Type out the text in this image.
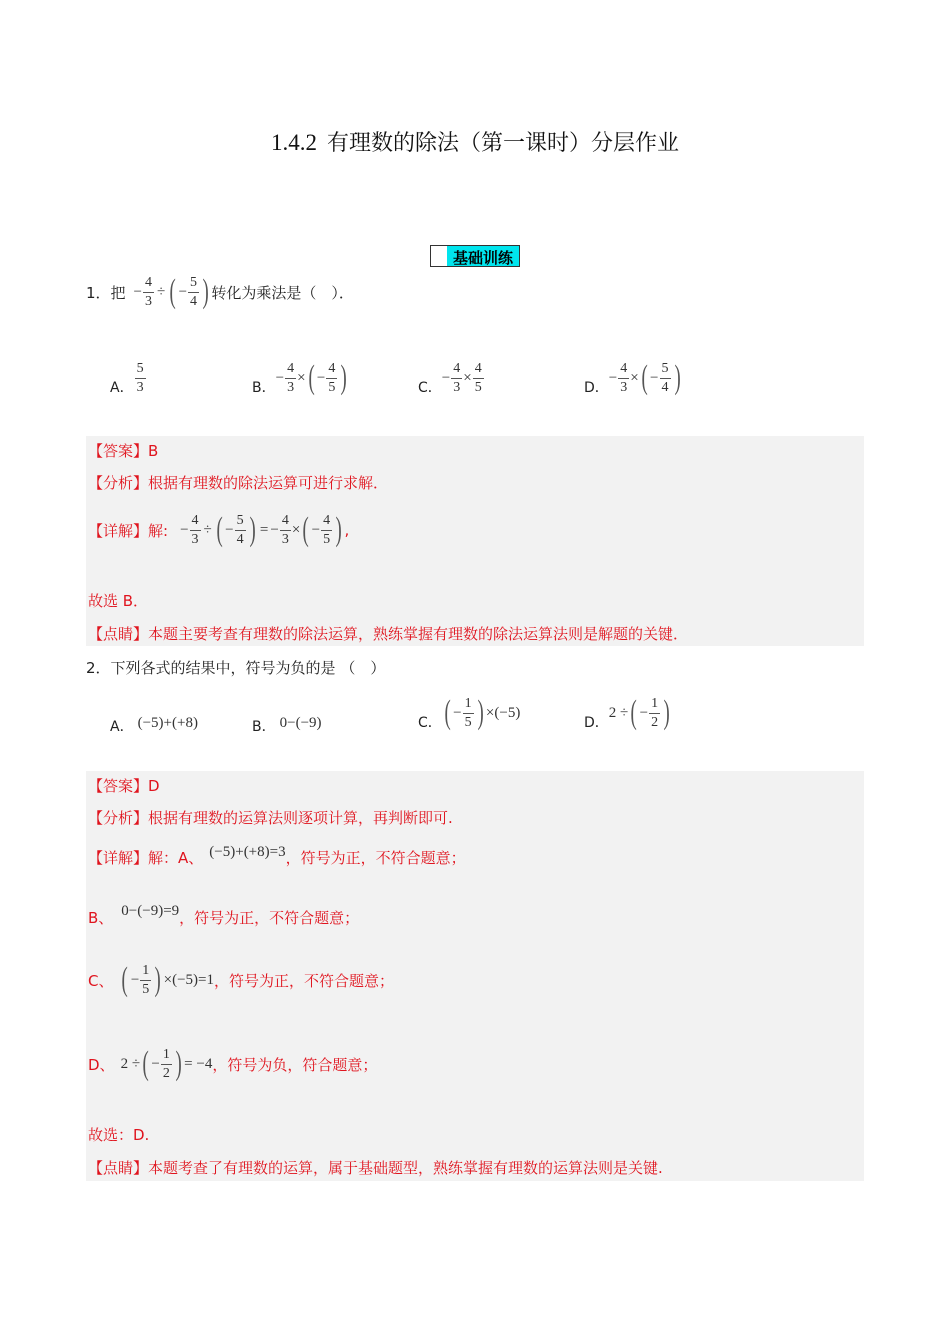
1.4.2 有理数的除法（第一课时）分层作业
基础训练
1．把 − $\frac{4}{3}$ ÷ ( − $\frac{5}{4}$ ) 转化为乘法是（　）．
A． $\frac{5}{3}$	B．
− $\frac{4}{3}$ × ( − $\frac{4}{5}$ )	C．
− $\frac{4}{3} \times \frac{4}{5}$	D．
− $\frac{4}{3}$ × ( − $\frac{5}{4}$ )
【答案】B
【分析】根据有理数的除法运算可进行求解．
【详解】 解: − $\frac{4}{3}$ ÷ ( − $\frac{5}{4}$ ) = − $\frac{4}{3}$ × ( − $\frac{4}{5}$ ) ,
故选 B．
【点睛】本题主要考查有理数的除法运算，熟练掌握有理数的除法运算法则是解题的关键．
2．下列各式的结果中，符号为负的是 （　）
A． (−5)+(+8)	B． 0−(−9)	C． ( − $\frac{1}{5}$ ) ×(−5)
D．
2 ÷ ( − $\frac{1}{2}$ )
【答案】D
【分析】根据有理数的运算法则逐项计算，再判断即可.
【详解】 解：A、 (−5)+(+8)=3 ，符号为正，不符合题意；
B、 0−(−9)=9 ，符号为正，不符合题意；
C、 ( − $\frac{1}{5}$ ) ×(−5)=1 ，符号为正，不符合题意；
D、 2 ÷ ( − $\frac{1}{2}$ ) = −4 ，符号为负，符合题意；
故选：D.
【点睛】本题考查了有理数的运算，属于基础题型，熟练掌握有理数的运算法则是关键.
